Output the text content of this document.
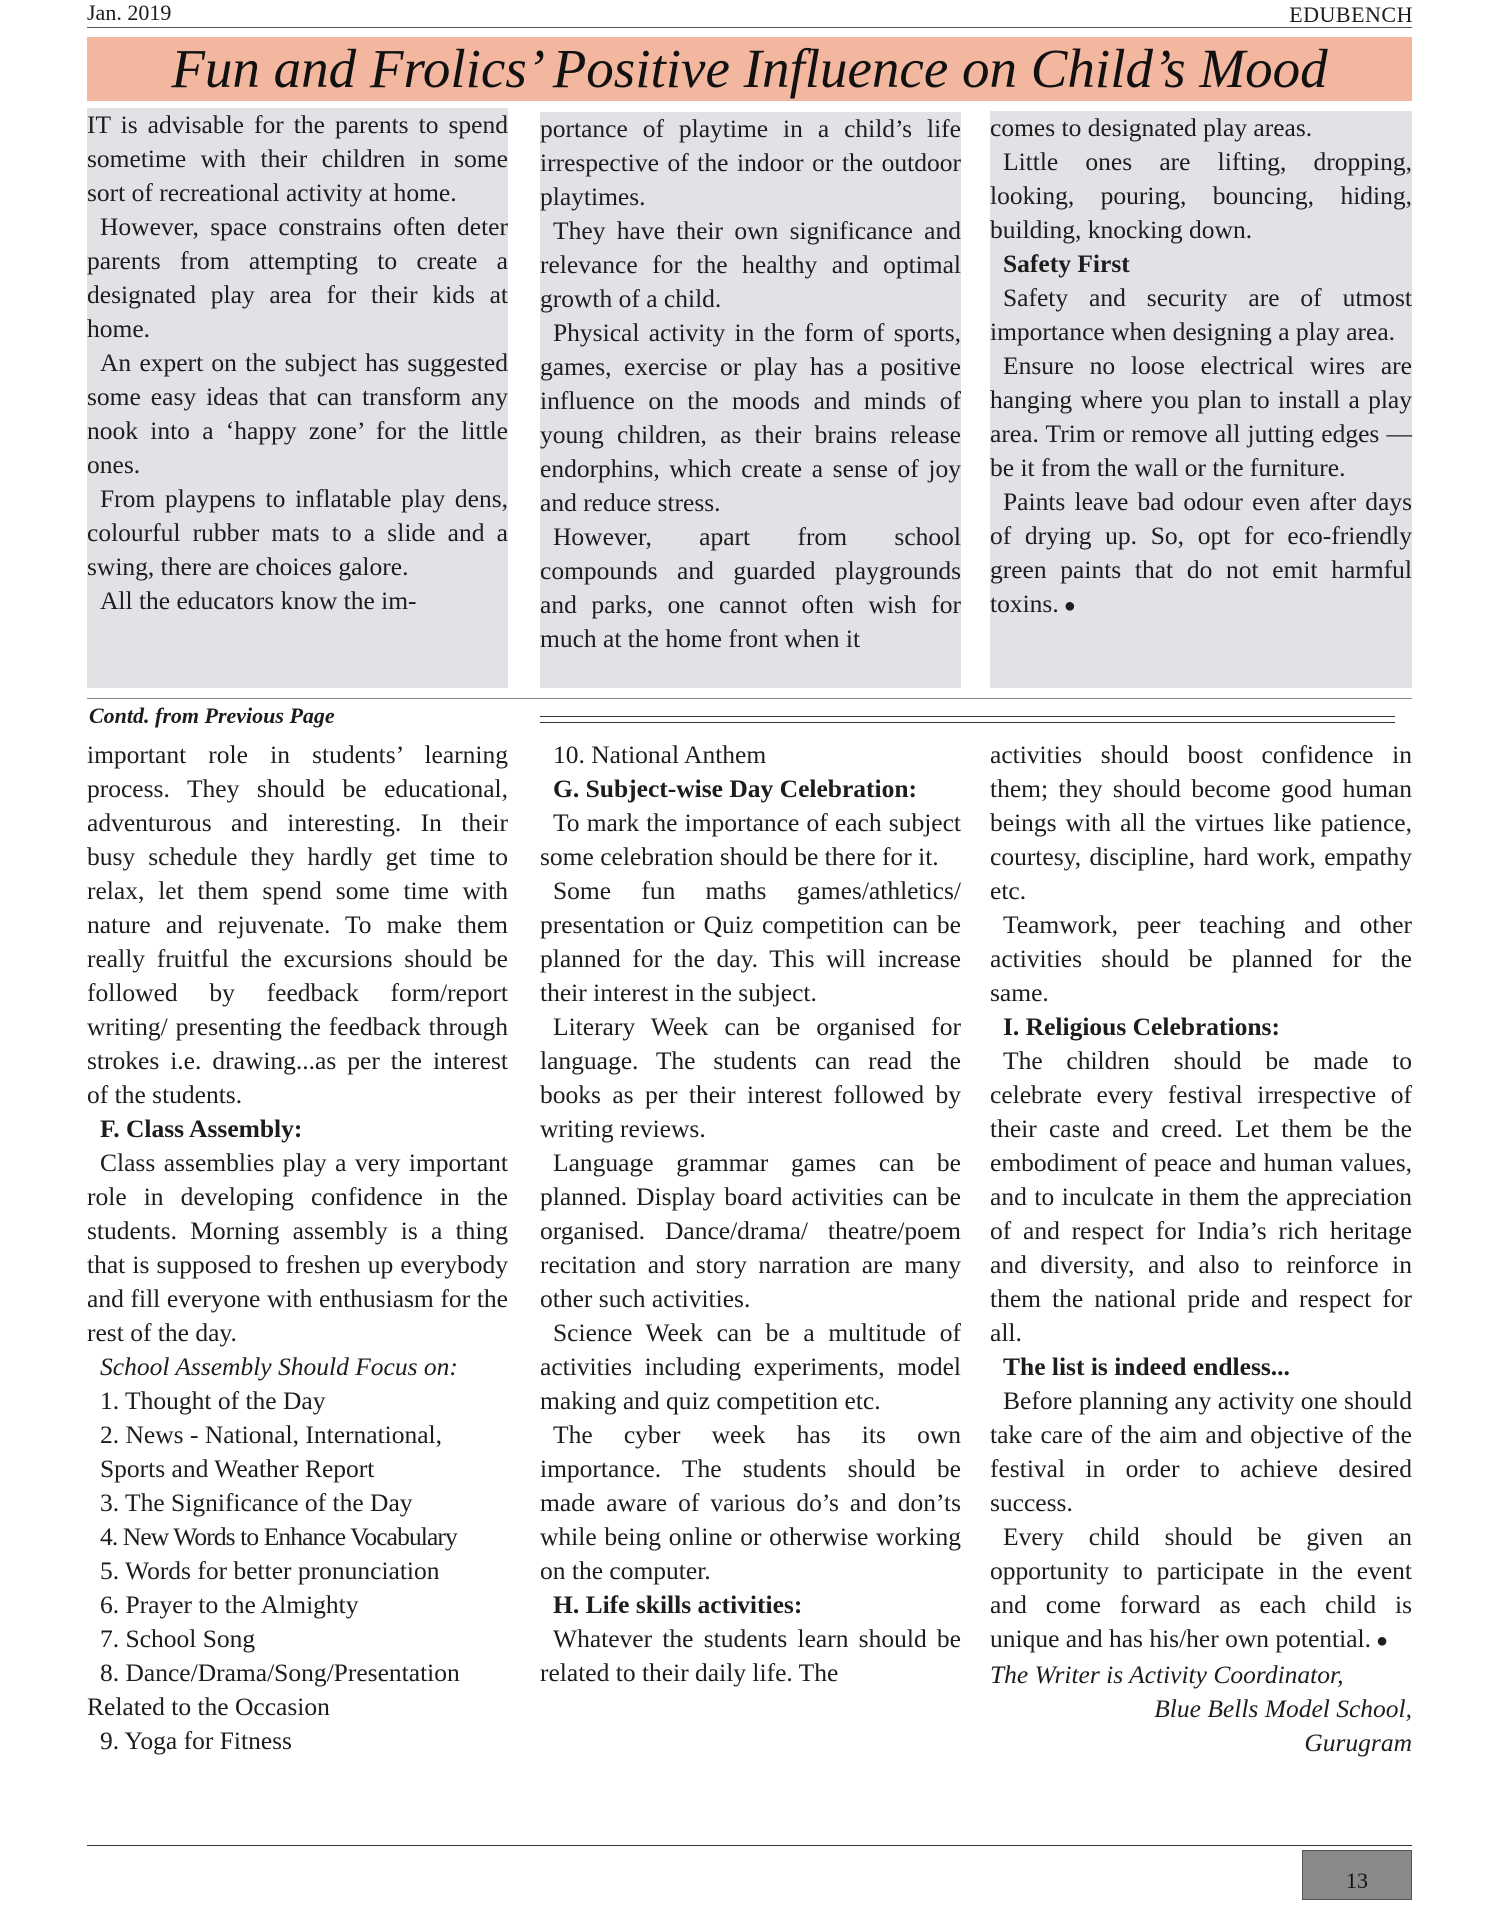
Jan. 2019	EDUBENCH
Fun and Frolics’ Positive Influence on Child’s Mood

IT is advisable for the parents to spend sometime with their children in some sort of recreational activity at home.

However, space constrains often deter parents from attempting to create a designated play area for their kids at home.

An expert on the subject has suggested some easy ideas that can transform any nook into a ‘happy zone’ for the little ones.

From playpens to inflatable play dens, colourful rubber mats to a slide and a swing, there are choices galore.

All the educators know the im-

portance of playtime in a child’s life irrespective of the indoor or the outdoor playtimes.

They have their own significance and relevance for the healthy and optimal growth of a child.

Physical activity in the form of sports, games, exercise or play has a positive influence on the moods and minds of young children, as their brains release endorphins, which create a sense of joy and reduce stress.

However, apart from school compounds and guarded playgrounds and parks, one cannot often wish for much at the home front when it

comes to designated play areas.

Little ones are lifting, dropping, looking, pouring, bouncing, hiding, building, knocking down.

Safety First

Safety and security are of utmost importance when designing a play area.

Ensure no loose electrical wires are hanging where you plan to install a play area. Trim or remove all jutting edges — be it from the wall or the furniture.

Paints leave bad odour even after days of drying up. So, opt for eco-friendly green paints that do not emit harmful toxins. ●

Contd. from Previous Page

important role in students’ learning process. They should be educational, adventurous and interesting. In their busy schedule they hardly get time to relax, let them spend some time with nature and rejuvenate. To make them really fruitful the excursions should be followed by feedback form/report writing/ presenting the feedback through strokes i.e. drawing...as per the interest of the students.

F. Class Assembly:

Class assemblies play a very important role in developing confidence in the students. Morning assembly is a thing that is supposed to freshen up everybody and fill everyone with enthusiasm for the rest of the day.

School Assembly Should Focus on:
1. Thought of the Day
2. News - National, International,
Sports and Weather Report
3. The Significance of the Day
4. New Words to Enhance Vocabulary
5. Words for better pronunciation
6. Prayer to the Almighty
7. School Song
8. Dance/Drama/Song/Presentation
Related to the Occasion
9. Yoga for Fitness
10. National Anthem
G. Subject-wise Day Celebration:

To mark the importance of each subject some celebration should be there for it.

Some fun maths games/athletics/ presentation or Quiz competition can be planned for the day. This will increase their interest in the subject.

Literary Week can be organised for language. The students can read the books as per their interest followed by writing reviews.

Language grammar games can be planned. Display board activities can be organised. Dance/drama/ theatre/poem recitation and story narration are many other such activities.

Science Week can be a multitude of activities including experiments, model making and quiz competition etc.

The cyber week has its own importance. The students should be made aware of various do’s and don’ts while being online or otherwise working on the computer.

H. Life skills activities:

Whatever the students learn should be related to their daily life. The

activities should boost confidence in them; they should become good human beings with all the virtues like patience, courtesy, discipline, hard work, empathy etc.

Teamwork, peer teaching and other activities should be planned for the same.

I. Religious Celebrations:

The children should be made to celebrate every festival irrespective of their caste and creed. Let them be the embodiment of peace and human values, and to inculcate in them the appreciation of and respect for India’s rich heritage and diversity, and also to reinforce in them the national pride and respect for all.

The list is indeed endless...

Before planning any activity one should take care of the aim and objective of the festival in order to achieve desired success.

Every child should be given an opportunity to participate in the event and come forward as each child is unique and has his/her own potential. ●

The Writer is Activity Coordinator,
Blue Bells Model School,
Gurugram
13
